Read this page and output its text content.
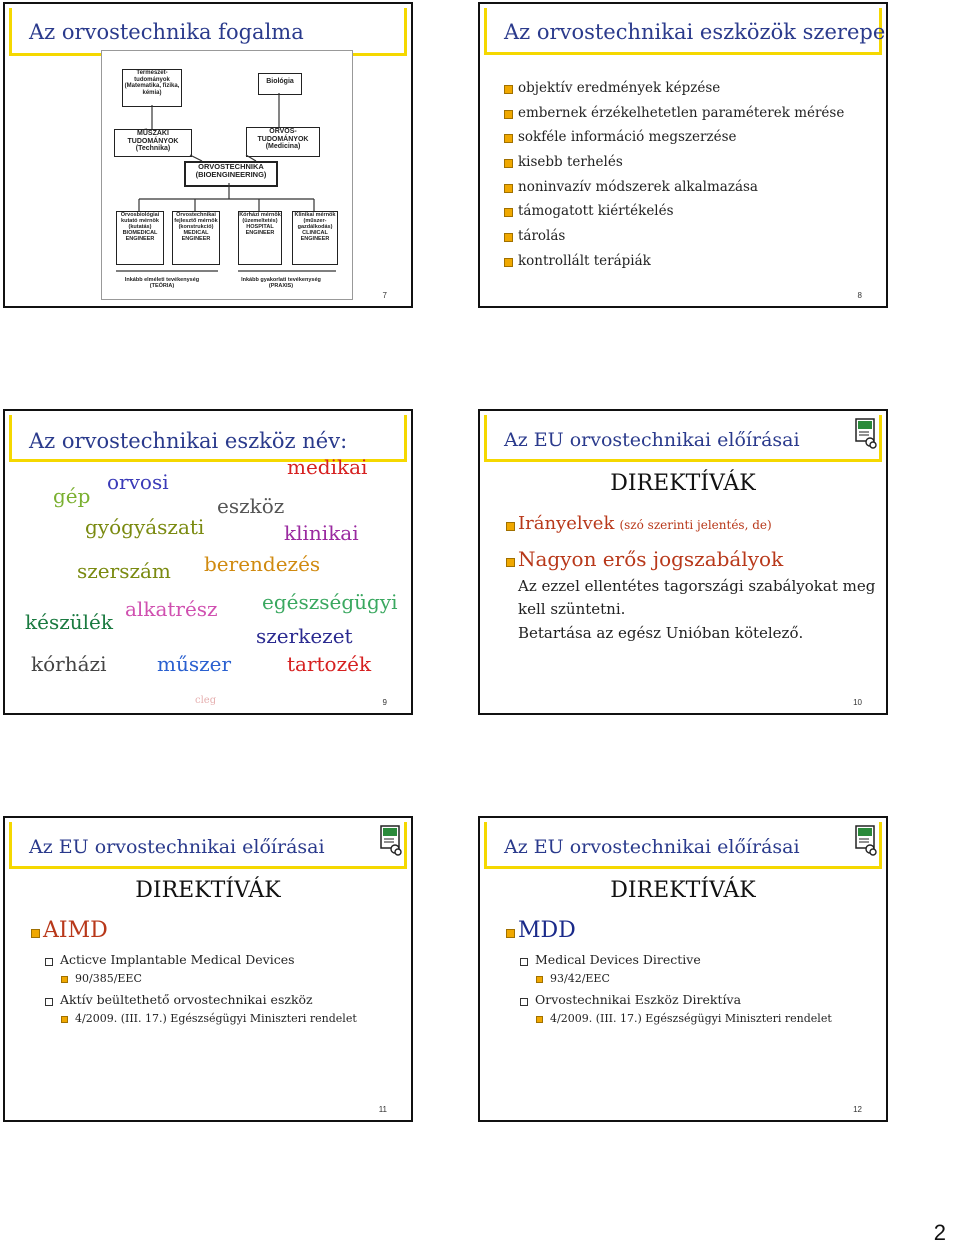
Az orvostechnika fogalma
Természet-tudományok (Matematika, fizika, kémia)
Biológia
MŰSZAKI TUDOMÁNYOK (Technika)
ORVOS-TUDOMÁNYOK (Medicina)
ORVOSTECHNIKA (BIOENGINEERING)
Orvosbiológiai kutató mérnök (kutatás) BIOMEDICAL ENGINEER
Orvostechnikai fejlesztő mérnök (konstrukció) MEDICAL ENGINEER
Kórházi mérnök (üzemeltetés) HOSPITAL ENGINEER
Klinikai mérnök (műszer-gazdálkodás) CLINICAL ENGINEER
Inkább elméleti tevékenység (TEÓRIA)
Inkább gyakorlati tevékenység (PRAXIS)
7
Az orvostechnikai eszközök szerepe
objektív eredmények képzése
embernek érzékelhetetlen paraméterek mérése
sokféle információ megszerzése
kisebb terhelés
noninvazív módszerek alkalmazása
támogatott kiértékelés
tárolás
kontrollált terápiák
8
Az orvostechnikai eszköz név:
medikai
orvosi
gép	eszköz
gyógyászati	klinikai
berendezés
szerszám
egészségügyi
alkatrész
készülék
szerkezet
kórházi	műszer	tartozék
cleg	9
Az EU orvostechnikai előírásai
DIREKTÍVÁK
Irányelvek (szó szerinti jelentés, de)
Nagyon erős jogszabályok
Az ezzel ellentétes tagországi szabályokat meg
kell szüntetni.
Betartása az egész Unióban kötelező.
10
Az EU orvostechnikai előírásai
DIREKTÍVÁK
AIMD
Acticve Implantable Medical Devices
90/385/EEC
Aktív beültethető orvostechnikai eszköz
4/2009. (III. 17.) Egészségügyi Miniszteri rendelet
11
Az EU orvostechnikai előírásai
DIREKTÍVÁK
MDD
Medical Devices Directive
93/42/EEC
Orvostechnikai Eszköz Direktíva
4/2009. (III. 17.) Egészségügyi Miniszteri rendelet
12
2
